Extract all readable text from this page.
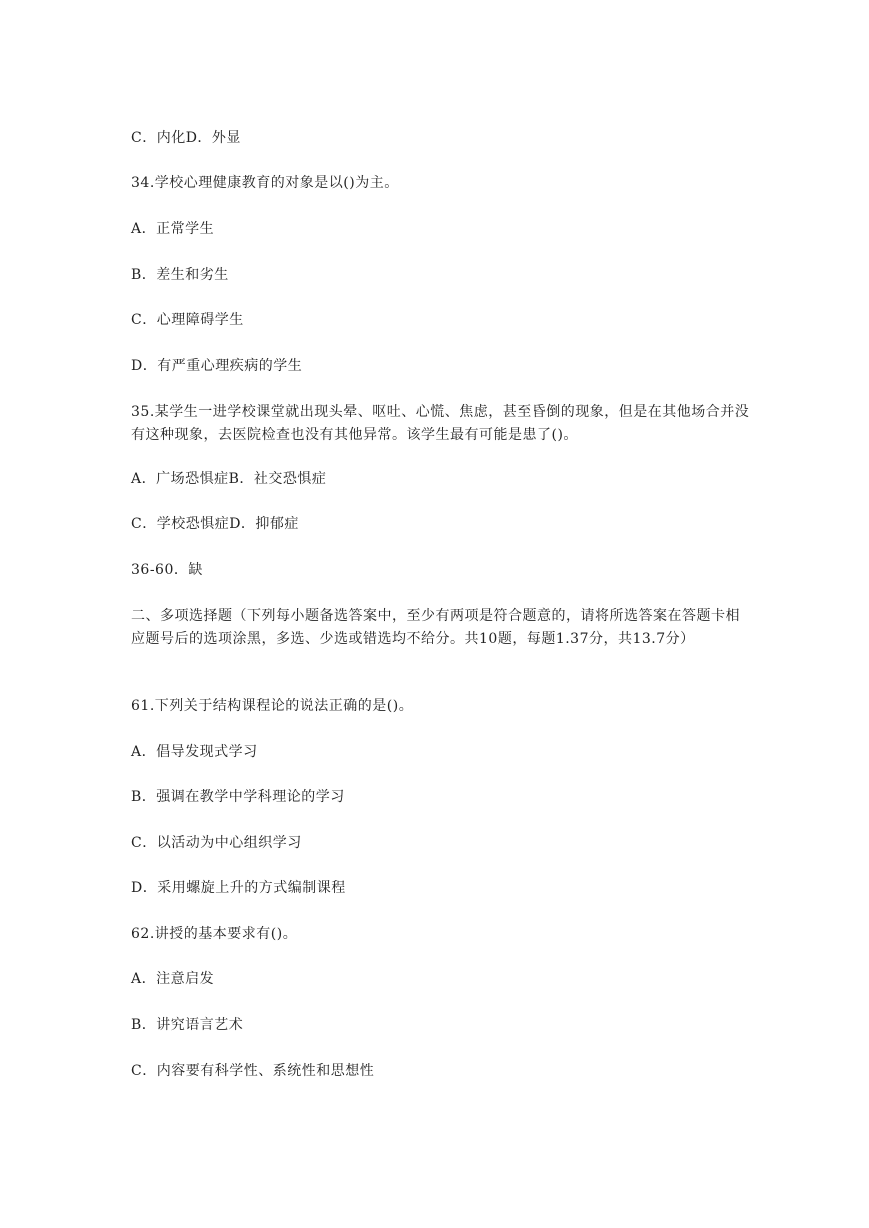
C．内化D．外显
34.学校心理健康教育的对象是以()为主。
A．正常学生
B．差生和劣生
C．心理障碍学生
D．有严重心理疾病的学生
35.某学生一进学校课堂就出现头晕、呕吐、心慌、焦虑，甚至昏倒的现象，但是在其他场合并没有这种现象，去医院检查也没有其他异常。该学生最有可能是患了()。
A．广场恐惧症B．社交恐惧症
C．学校恐惧症D．抑郁症
36-60．缺
二、多项选择题（下列每小题备选答案中，至少有两项是符合题意的，请将所选答案在答题卡相应题号后的选项涂黑，多选、少选或错选均不给分。共10题，每题1.37分，共13.7分）
61.下列关于结构课程论的说法正确的是()。
A．倡导发现式学习
B．强调在教学中学科理论的学习
C．以活动为中心组织学习
D．采用螺旋上升的方式编制课程
62.讲授的基本要求有()。
A．注意启发
B．讲究语言艺术
C．内容要有科学性、系统性和思想性
